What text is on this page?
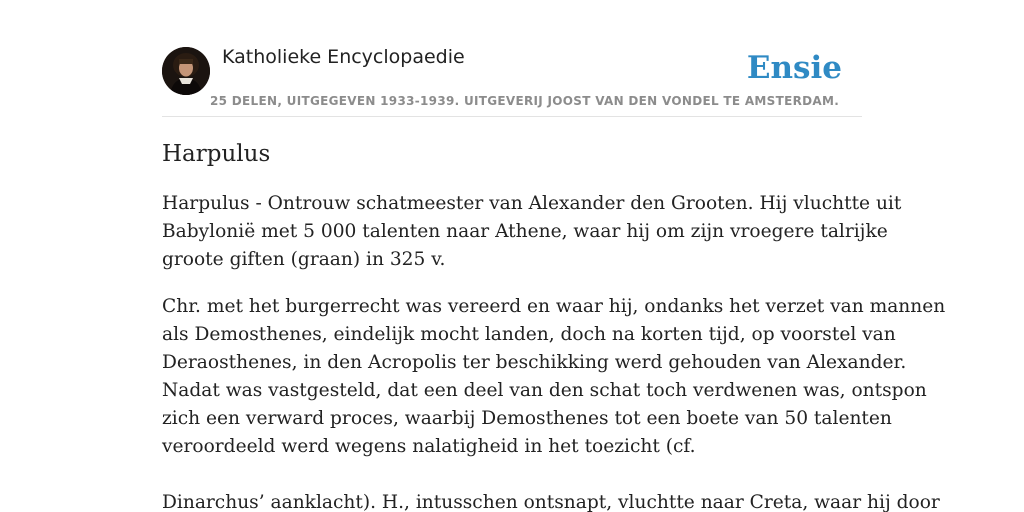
Katholieke Encyclopaedie
25 DELEN, UITGEGEVEN 1933-1939. UITGEVERIJ JOOST VAN DEN VONDEL TE AMSTERDAM.
Ensie
Harpulus

Harpulus - Ontrouw schatmeester van Alexander den Grooten. Hij vluchtte uit
Babylonië met 5 000 talenten naar Athene, waar hij om zijn vroegere talrijke
groote giften (graan) in 325 v.

Chr. met het burgerrecht was vereerd en waar hij, ondanks het verzet van mannen
als Demosthenes, eindelijk mocht landen, doch na korten tijd, op voorstel van
Deraosthenes, in den Acropolis ter beschikking werd gehouden van Alexander.
Nadat was vastgesteld, dat een deel van den schat toch verdwenen was, ontspon
zich een verward proces, waarbij Demosthenes tot een boete van 50 talenten
veroordeeld werd wegens nalatigheid in het toezicht (cf.

Dinarchus’ aanklacht). H., intusschen ontsnapt, vluchtte naar Creta, waar hij door
